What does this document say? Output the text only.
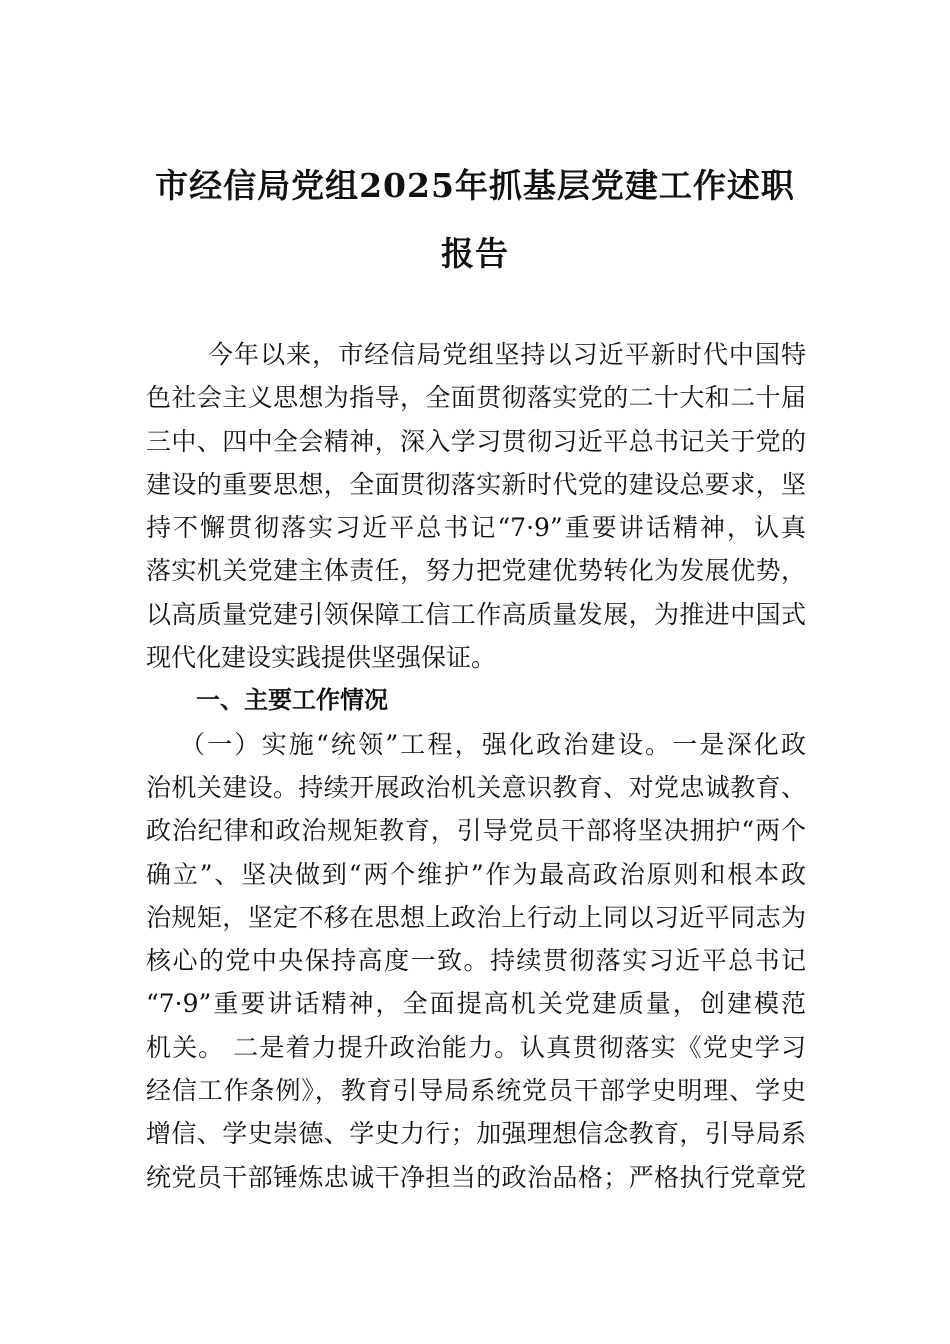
市经信局党组2025年抓基层党建工作述职
报告
今年以来，市经信局党组坚持以习近平新时代中国特
色社会主义思想为指导，全面贯彻落实党的二十大和二十届
三中、四中全会精神，深入学习贯彻习近平总书记关于党的
建设的重要思想，全面贯彻落实新时代党的建设总要求，坚
持不懈贯彻落实习近平总书记“7·9”重要讲话精神，认真
落实机关党建主体责任，努力把党建优势转化为发展优势，
以高质量党建引领保障工信工作高质量发展，为推进中国式
现代化建设实践提供坚强保证。
一、主要工作情况
（一）实施“统领”工程，强化政治建设。一是深化政
治机关建设。持续开展政治机关意识教育、对党忠诚教育、
政治纪律和政治规矩教育，引导党员干部将坚决拥护“两个
确立”、坚决做到“两个维护”作为最高政治原则和根本政
治规矩，坚定不移在思想上政治上行动上同以习近平同志为
核心的党中央保持高度一致。持续贯彻落实习近平总书记
“7·9”重要讲话精神，全面提高机关党建质量，创建模范
机关。 二是着力提升政治能力。认真贯彻落实《党史学习
经信工作条例》，教育引导局系统党员干部学史明理、学史
增信、学史崇德、学史力行；加强理想信念教育，引导局系
统党员干部锤炼忠诚干净担当的政治品格；严格执行党章党
